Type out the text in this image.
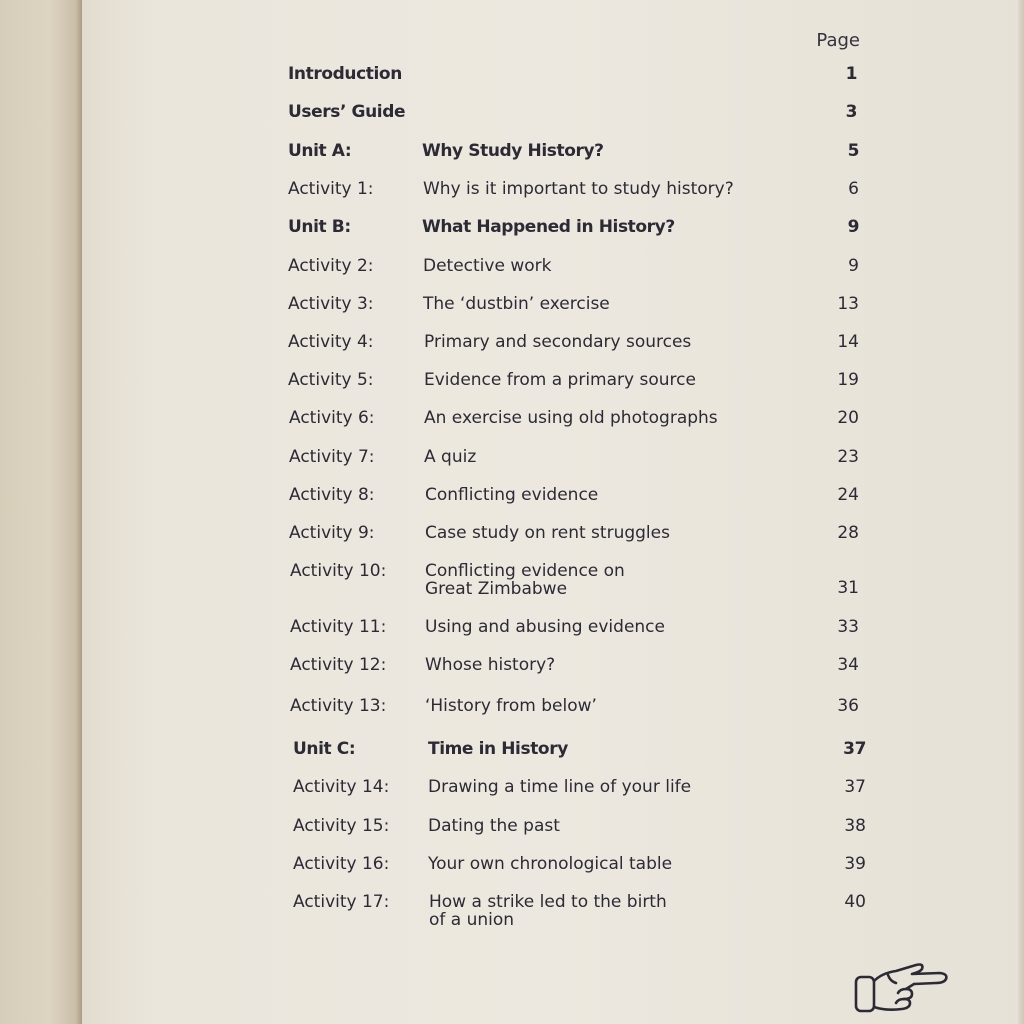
Page
Introduction	1
Users’ Guide	3
Unit A:	Why Study History?	5
Activity 1:	Why is it important to study history?	6
Unit B:	What Happened in History?	9
Activity 2:	Detective work	9
Activity 3:	The ‘dustbin’ exercise	13
Activity 4:	Primary and secondary sources	14
Activity 5:	Evidence from a primary source	19
Activity 6:	An exercise using old photographs	20
Activity 7:	A quiz	23
Activity 8:	Conflicting evidence	24
Activity 9:	Case study on rent struggles	28
Activity 10: Conflicting evidence on
Great Zimbabwe	31
Activity 11: Using and abusing evidence	33
Activity 12: Whose history?	34
Activity 13: ‘History from below’	36
Unit C:	Time in History	37
Activity 14: Drawing a time line of your life	37
Activity 15: Dating the past	38
Activity 16: Your own chronological table	39
Activity 17: How a strike led to the birth
of a union
40
